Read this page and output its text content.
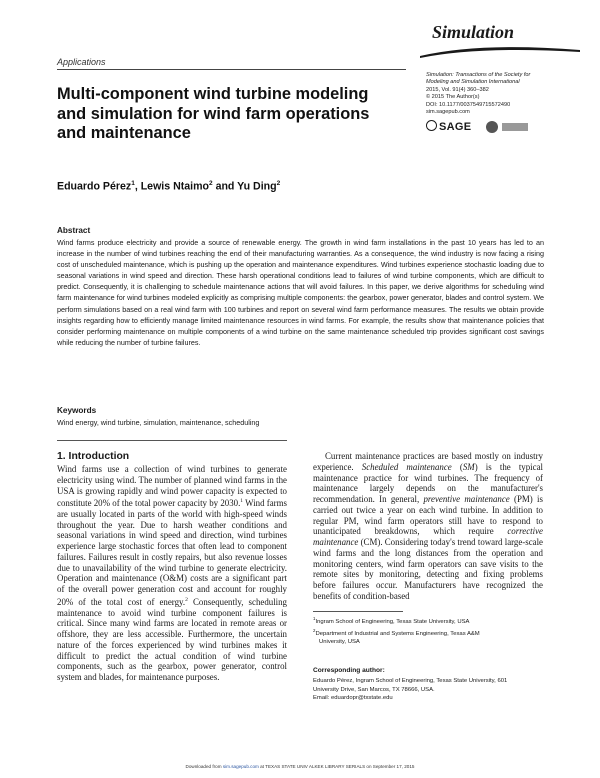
Simulation
Applications
Simulation: Transactions of the Society for
Modeling and Simulation International
2015, Vol. 91(4) 360–382
© 2015 The Author(s)
DOI: 10.1177/0037549715572490
sim.sagepub.com
SAGE
Multi-component wind turbine modeling and simulation for wind farm operations and maintenance
Eduardo Pérez$^1$, Lewis Ntaimo$^2$ and Yu Ding$^2$
Abstract
Wind farms produce electricity and provide a source of renewable energy. The growth in wind farm installations in the past 10 years has led to an increase in the number of wind turbines reaching the end of their manufacturing warranties. As a consequence, the wind industry is now facing a rising cost of unscheduled maintenance, which is pushing up the operation and maintenance expenditures. Wind turbines experience stochastic loading due to seasonal variations in wind speed and direction. These harsh operational conditions lead to failures of wind turbine components, which are difficult to predict. Consequently, it is challenging to schedule maintenance actions that will avoid failures. In this paper, we derive algorithms for scheduling wind farm maintenance for wind turbines modeled explicitly as comprising multiple components: the gearbox, power generator, blades and control system. We perform simulations based on a real wind farm with 100 turbines and report on several wind farm performance measures. The results we obtain provide insights regarding how to efficiently manage limited maintenance resources in wind farms. For example, the results show that maintenance policies that consider performing maintenance on multiple components of a wind turbine on the same maintenance scheduled trip provides significant cost savings while reducing the number of turbine failures.
Keywords
Wind energy, wind turbine, simulation, maintenance, scheduling
1. Introduction

Wind farms use a collection of wind turbines to generate electricity using wind. The number of planned wind farms in the USA is growing rapidly and wind power capacity is expected to constitute 20% of the total power capacity by 2030.$^1$ Wind farms are usually located in parts of the world with high-speed winds throughout the year. Due to harsh weather conditions and seasonal variations in wind speed and direction, wind turbines experience large stochastic forces that often lead to component failures. Failures result in costly repairs, but also revenue losses due to unavailability of the wind turbine to generate electricity. Operation and maintenance (O&M) costs are a significant part of the overall power generation cost and account for roughly 20% of the total cost of energy.$^2$ Consequently, scheduling maintenance to avoid wind turbine component failures is critical. Since many wind farms are located in remote areas or offshore, they are less accessible. Furthermore, the uncertain nature of the forces experienced by wind turbines makes it difficult to predict the actual condition of wind turbine components, such as the gearbox, power generator, control system and blades, for maintenance purposes.

Current maintenance practices are based mostly on industry experience. Scheduled maintenance (SM) is the typical maintenance practice for wind turbines. The frequency of maintenance largely depends on the manufacturer's recommendation. In general, preventive maintenance (PM) is carried out twice a year on each wind turbine. In addition to regular PM, wind farm operators still have to respond to unanticipated breakdowns, which require corrective maintenance (CM). Considering today's trend toward large-scale wind farms and the long distances from the operation and monitoring centers, wind farm operators can save visits to the remote sites by monitoring, detecting and fixing problems before failures occur. Manufacturers have recognized the benefits of condition-based

$^1$Ingram School of Engineering, Texas State University, USA
$^2$Department of Industrial and Systems Engineering, Texas A&M
University, USA
Corresponding author:
Eduardo Pérez, Ingram School of Engineering, Texas State University, 601
University Drive, San Marcos, TX 78666, USA.
Email: eduardopr@txstate.edu
Downloaded from sim.sagepub.com at TEXAS STATE UNIV ALKEK LIBRARY SERIALS on September 17, 2015
